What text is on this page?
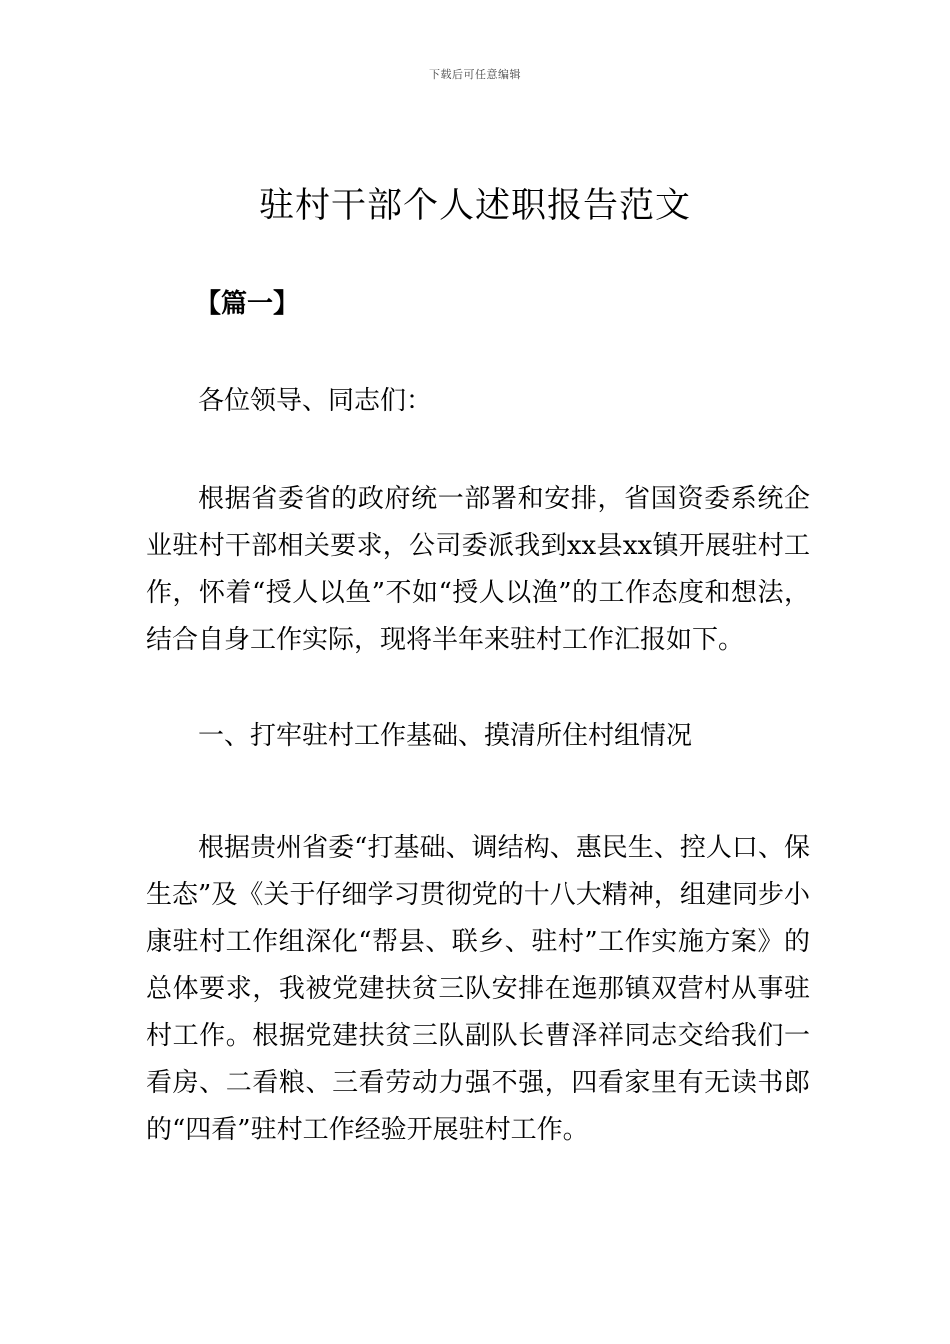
下载后可任意编辑
驻村干部个人述职报告范文
【篇一】

各位领导、同志们：

根据省委省的政府统一部署和安排，省国资委系统企业驻村干部相关要求，公司委派我到xx县xx镇开展驻村工作，怀着“授人以鱼”不如“授人以渔”的工作态度和想法，结合自身工作实际，现将半年来驻村工作汇报如下。

一、打牢驻村工作基础、摸清所住村组情况

根据贵州省委“打基础、调结构、惠民生、控人口、保生态”及《关于仔细学习贯彻党的十八大精神，组建同步小康驻村工作组深化“帮县、联乡、驻村”工作实施方案》的总体要求，我被党建扶贫三队安排在迤那镇双营村从事驻村工作。根据党建扶贫三队副队长曹泽祥同志交给我们一看房、二看粮、三看劳动力强不强，四看家里有无读书郎的“四看”驻村工作经验开展驻村工作。
